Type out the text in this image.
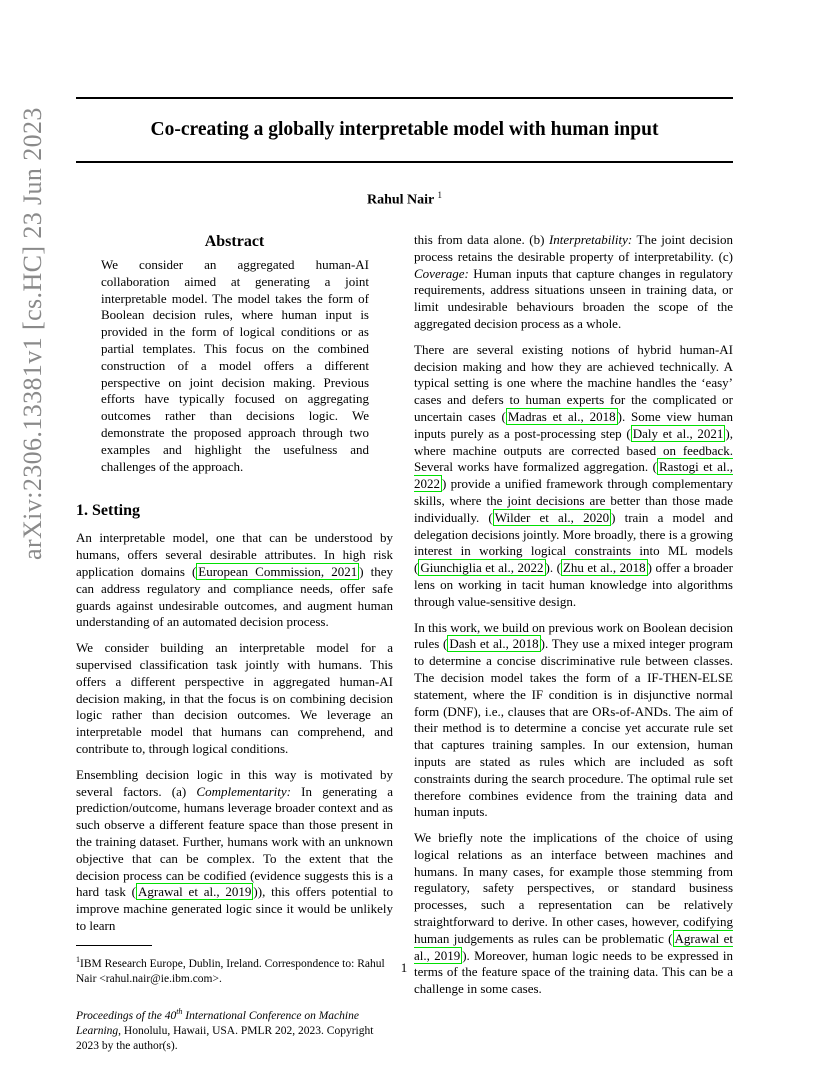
Co-creating a globally interpretable model with human input
Rahul Nair $^1$
arXiv:2306.13381v1 [cs.HC] 23 Jun 2023	Abstract
We consider an aggregated human-AI collaboration aimed at generating a joint interpretable model. The model takes the form of Boolean decision rules, where human input is provided in the form of logical conditions or as partial templates. This focus on the combined construction of a model offers a different perspective on joint decision making. Previous efforts have typically focused on aggregating outcomes rather than decisions logic. We demonstrate the proposed approach through two examples and highlight the usefulness and challenges of the approach.
1. Setting

An interpretable model, one that can be understood by humans, offers several desirable attributes. In high risk application domains ( European Commission, 2021 ) they can address regulatory and compliance needs, offer safe guards against undesirable outcomes, and augment human understanding of an automated decision process.

We consider building an interpretable model for a supervised classification task jointly with humans. This offers a different perspective in aggregated human-AI decision making, in that the focus is on combining decision logic rather than decision outcomes. We leverage an interpretable model that humans can comprehend, and contribute to, through logical conditions.

Ensembling decision logic in this way is motivated by several factors. (a) Complementarity: In generating a prediction/outcome, humans leverage broader context and as such observe a different feature space than those present in the training dataset. Further, humans work with an unknown objective that can be complex. To the extent that the decision process can be codified (evidence suggests this is a hard task ( Agrawal et al., 2019 )), this offers potential to improve machine generated logic since it would be unlikely to learn

$^1$IBM Research Europe, Dublin, Ireland. Correspondence to: Rahul Nair <rahul.nair@ie.ibm.com>.
Proceedings of the 40th International Conference on Machine Learning, Honolulu, Hawaii, USA. PMLR 202, 2023. Copyright 2023 by the author(s).

this from data alone. (b) Interpretability: The joint decision process retains the desirable property of interpretability. (c) Coverage: Human inputs that capture changes in regulatory requirements, address situations unseen in training data, or limit undesirable behaviours broaden the scope of the aggregated decision process as a whole.

There are several existing notions of hybrid human-AI decision making and how they are achieved technically. A typical setting is one where the machine handles the ‘easy’ cases and defers to human experts for the complicated or uncertain cases ( Madras et al., 2018 ). Some view human inputs purely as a post-processing step ( Daly et al., 2021 ), where machine outputs are corrected based on feedback. Several works have formalized aggregation. ( Rastogi et al., 2022 ) provide a unified framework through complementary skills, where the joint decisions are better than those made individually. ( Wilder et al., 2020 ) train a model and delegation decisions jointly. More broadly, there is a growing interest in working logical constraints into ML models ( Giunchiglia et al., 2022 ). ( Zhu et al., 2018 ) offer a broader lens on working in tacit human knowledge into algorithms through value-sensitive design.

In this work, we build on previous work on Boolean decision rules ( Dash et al., 2018 ). They use a mixed integer program to determine a concise discriminative rule between classes. The decision model takes the form of a IF-THEN-ELSE statement, where the IF condition is in disjunctive normal form (DNF), i.e., clauses that are ORs-of-ANDs. The aim of their method is to determine a concise yet accurate rule set that captures training samples. In our extension, human inputs are stated as rules which are included as soft constraints during the search procedure. The optimal rule set therefore combines evidence from the training data and human inputs.

We briefly note the implications of the choice of using logical relations as an interface between machines and humans. In many cases, for example those stemming from regulatory, safety perspectives, or standard business processes, such a representation can be relatively straightforward to derive. In other cases, however, codifying human judgements as rules can be problematic ( Agrawal et al., 2019 ). Moreover, human logic needs to be expressed in terms of the feature space of the training data. This can be a challenge in some cases.

1
